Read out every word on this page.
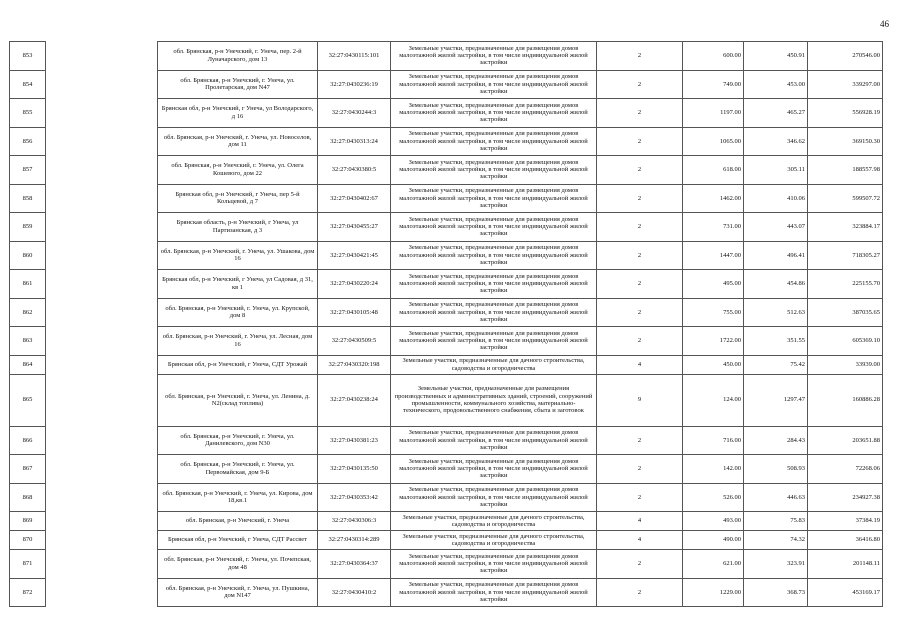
46
853		обл. Брянская, р-н Унечский, г. Унеча, пер. 2-й Луначарского, дом 13	32:27:0430115:101	Земельные участки, предназначенные для размещения домов малоэтажной жилой застройки, в том числе индивидуальной жилой застройки	2	600.00	450.91	270546.00
854		обл. Брянская, р-н Унечский, г. Унеча, ул. Пролетарская, дом N47	32:27:0430236:19	Земельные участки, предназначенные для размещения домов малоэтажной жилой застройки, в том числе индивидуальной жилой застройки	2	749.00	453.00	339297.00
855		Брянская обл, р-н Унечский, г Унеча, ул Володарского, д 16	32:27:0430244:3	Земельные участки, предназначенные для размещения домов малоэтажной жилой застройки, в том числе индивидуальной жилой застройки	2	1197.00	465.27	556928.19
856		обл. Брянская, р-н Унечский, г. Унеча, ул. Новоселов, дом 11	32:27:0430313:24	Земельные участки, предназначенные для размещения домов малоэтажной жилой застройки, в том числе индивидуальной жилой застройки	2	1065.00	346.62	369150.30
857		обл. Брянская, р-н Унечский, г. Унеча, ул. Олега Кошевого, дом 22	32:27:0430380:5	Земельные участки, предназначенные для размещения домов малоэтажной жилой застройки, в том числе индивидуальной жилой застройки	2	618.00	305.11	188557.98
858		Брянская обл, р-н Унечский, г Унеча, пер 5-й Кольцевой, д 7	32:27:0430402:67	Земельные участки, предназначенные для размещения домов малоэтажной жилой застройки, в том числе индивидуальной жилой застройки	2	1462.00	410.06	599507.72
859		Брянская область, р-н Унечский, г Унеча, ул Партизанская, д 3	32:27:0430455:27	Земельные участки, предназначенные для размещения домов малоэтажной жилой застройки, в том числе индивидуальной жилой застройки	2	731.00	443.07	323884.17
860		обл. Брянская, р-н Унечский, г. Унеча, ул. Ушакова, дом 16	32:27:0430421:45	Земельные участки, предназначенные для размещения домов малоэтажной жилой застройки, в том числе индивидуальной жилой застройки	2	1447.00	496.41	718305.27
861		Брянская обл, р-н Унечский, г Унеча, ул Садовая, д 31, кв 1	32:27:0430220:24	Земельные участки, предназначенные для размещения домов малоэтажной жилой застройки, в том числе индивидуальной жилой застройки	2	495.00	454.86	225155.70
862		обл. Брянская, р-н Унечский, г. Унеча, ул. Крупской, дом 8	32:27:0430105:48	Земельные участки, предназначенные для размещения домов малоэтажной жилой застройки, в том числе индивидуальной жилой застройки	2	755.00	512.63	387035.65
863		обл. Брянская, р-н Унечский, г. Унеча, ул. Лесная, дом 16	32:27:0430509:5	Земельные участки, предназначенные для размещения домов малоэтажной жилой застройки, в том числе индивидуальной жилой застройки	2	1722.00	351.55	605369.10
864		Брянская обл, р-н Унечский, г Унеча, СДТ Урожай	32:27:0430320:198	Земельные участки, предназначенные для дачного строительства, садоводства и огородничества	4	450.00	75.42	33939.00
865		обл. Брянская, р-н Унечский, г. Унеча, ул. Ленина, д. N2(склад топлива)	32:27:0430238:24	Земельные участки, предназначенные для размещения производственных и административных зданий, строений, сооружений промышленности, коммунального хозяйства, материально-технического, продовольственного снабжения, сбыта и заготовок	9	124.00	1297.47	160886.28
866		обл. Брянская, р-н Унечский, г. Унеча, ул. Данилевского, дом N30	32:27:0430381:23	Земельные участки, предназначенные для размещения домов малоэтажной жилой застройки, в том числе индивидуальной жилой застройки	2	716.00	284.43	203651.88
867		обл. Брянская, р-н Унечский, г. Унеча, ул. Первомайская, дом 9-Б	32:27:0430135:50	Земельные участки, предназначенные для размещения домов малоэтажной жилой застройки, в том числе индивидуальной жилой застройки	2	142.00	508.93	72268.06
868		обл. Брянская, р-н Унечский, г. Унеча, ул. Кирова, дом 18,кв.1	32:27:0430353:42	Земельные участки, предназначенные для размещения домов малоэтажной жилой застройки, в том числе индивидуальной жилой застройки	2	526.00	446.63	234927.38
869		обл. Брянская, р-н Унечский, г. Унеча	32:27:0430306:3	Земельные участки, предназначенные для дачного строительства, садоводства и огородничества	4	493.00	75.83	37384.19
870		Брянская обл, р-н Унечский, г Унеча, СДТ Рассвет	32:27:0430314:289	Земельные участки, предназначенные для дачного строительства, садоводства и огородничества	4	490.00	74.32	36416.80
871		обл. Брянская, р-н Унечский, г. Унеча, ул. Почепская, дом 48	32:27:0430364:37	Земельные участки, предназначенные для размещения домов малоэтажной жилой застройки, в том числе индивидуальной жилой застройки	2	621.00	323.91	201148.11
872		обл. Брянская, р-н Унечский, г. Унеча, ул. Пушкина, дом N147	32:27:0430410:2	Земельные участки, предназначенные для размещения домов малоэтажной жилой застройки, в том числе индивидуальной жилой застройки	2	1229.00	368.73	453169.17
